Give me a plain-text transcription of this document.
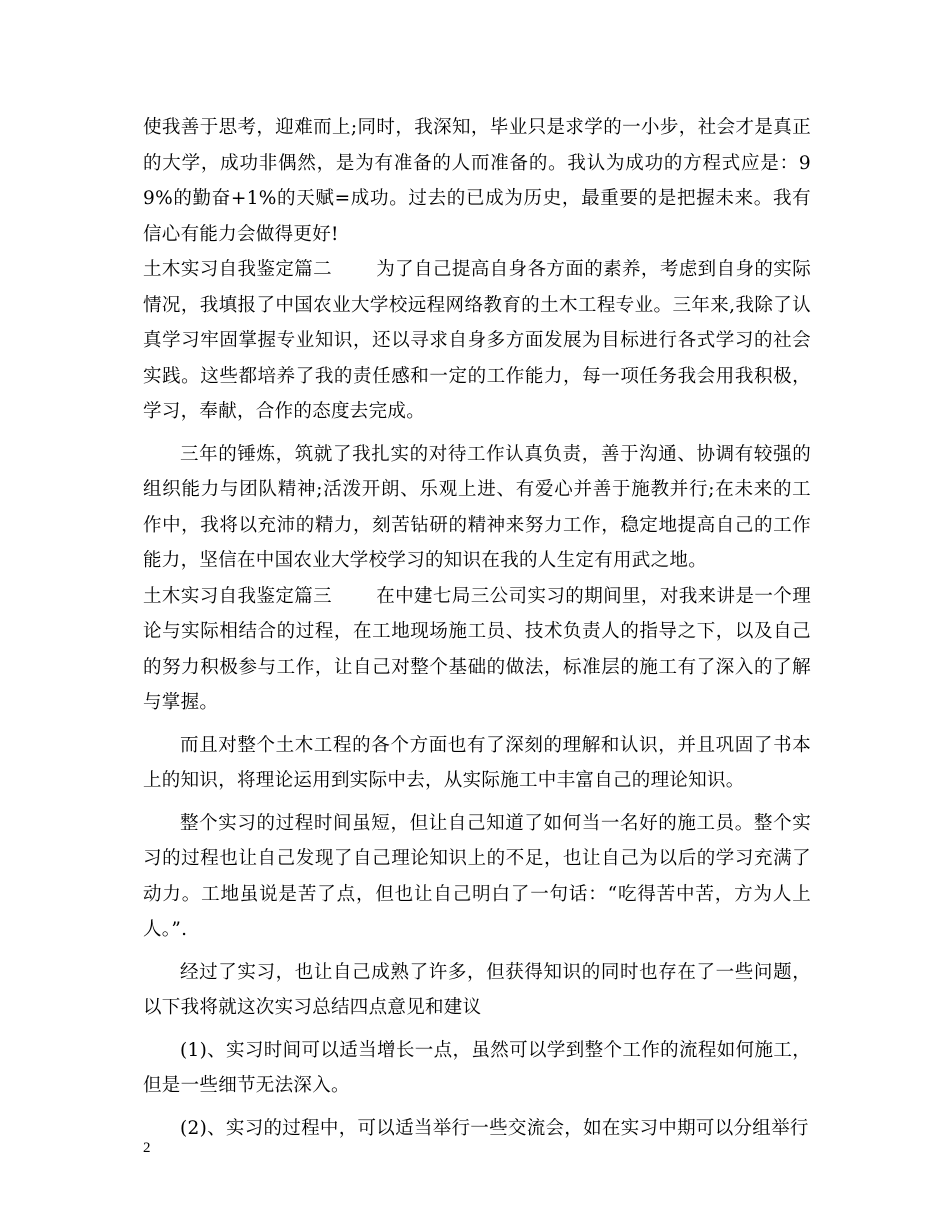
使我善于思考，迎难而上;同时，我深知，毕业只是求学的一小步，社会才是真正的大学，成功非偶然，是为有准备的人而准备的。我认为成功的方程式应是：99%的勤奋+1%的天赋=成功。过去的已成为历史，最重要的是把握未来。我有信心有能力会做得更好!

土木实习自我鉴定篇二　　 为了自己提高自身各方面的素养，考虑到自身的实际情况，我填报了中国农业大学校远程网络教育的土木工程专业。三年来,我除了认真学习牢固掌握专业知识，还以寻求自身多方面发展为目标进行各式学习的社会实践。这些都培养了我的责任感和一定的工作能力，每一项任务我会用我积极，学习，奉献，合作的态度去完成。

三年的锤炼，筑就了我扎实的对待工作认真负责，善于沟通、协调有较强的组织能力与团队精神;活泼开朗、乐观上进、有爱心并善于施教并行;在未来的工作中，我将以充沛的精力，刻苦钻研的精神来努力工作，稳定地提高自己的工作能力，坚信在中国农业大学校学习的知识在我的人生定有用武之地。

土木实习自我鉴定篇三　　 在中建七局三公司实习的期间里，对我来讲是一个理论与实际相结合的过程，在工地现场施工员、技术负责人的指导之下，以及自己的努力积极参与工作，让自己对整个基础的做法，标准层的施工有了深入的了解与掌握。

而且对整个土木工程的各个方面也有了深刻的理解和认识，并且巩固了书本上的知识，将理论运用到实际中去，从实际施工中丰富自己的理论知识。

整个实习的过程时间虽短，但让自己知道了如何当一名好的施工员。整个实习的过程也让自己发现了自己理论知识上的不足，也让自己为以后的学习充满了动力。工地虽说是苦了点，但也让自己明白了一句话：“吃得苦中苦，方为人上人。”.

经过了实习，也让自己成熟了许多，但获得知识的同时也存在了一些问题，以下我将就这次实习总结四点意见和建议

(1)、实习时间可以适当增长一点，虽然可以学到整个工作的流程如何施工，但是一些细节无法深入。

(2)、实习的过程中，可以适当举行一些交流会，如在实习中期可以分组举行

2
